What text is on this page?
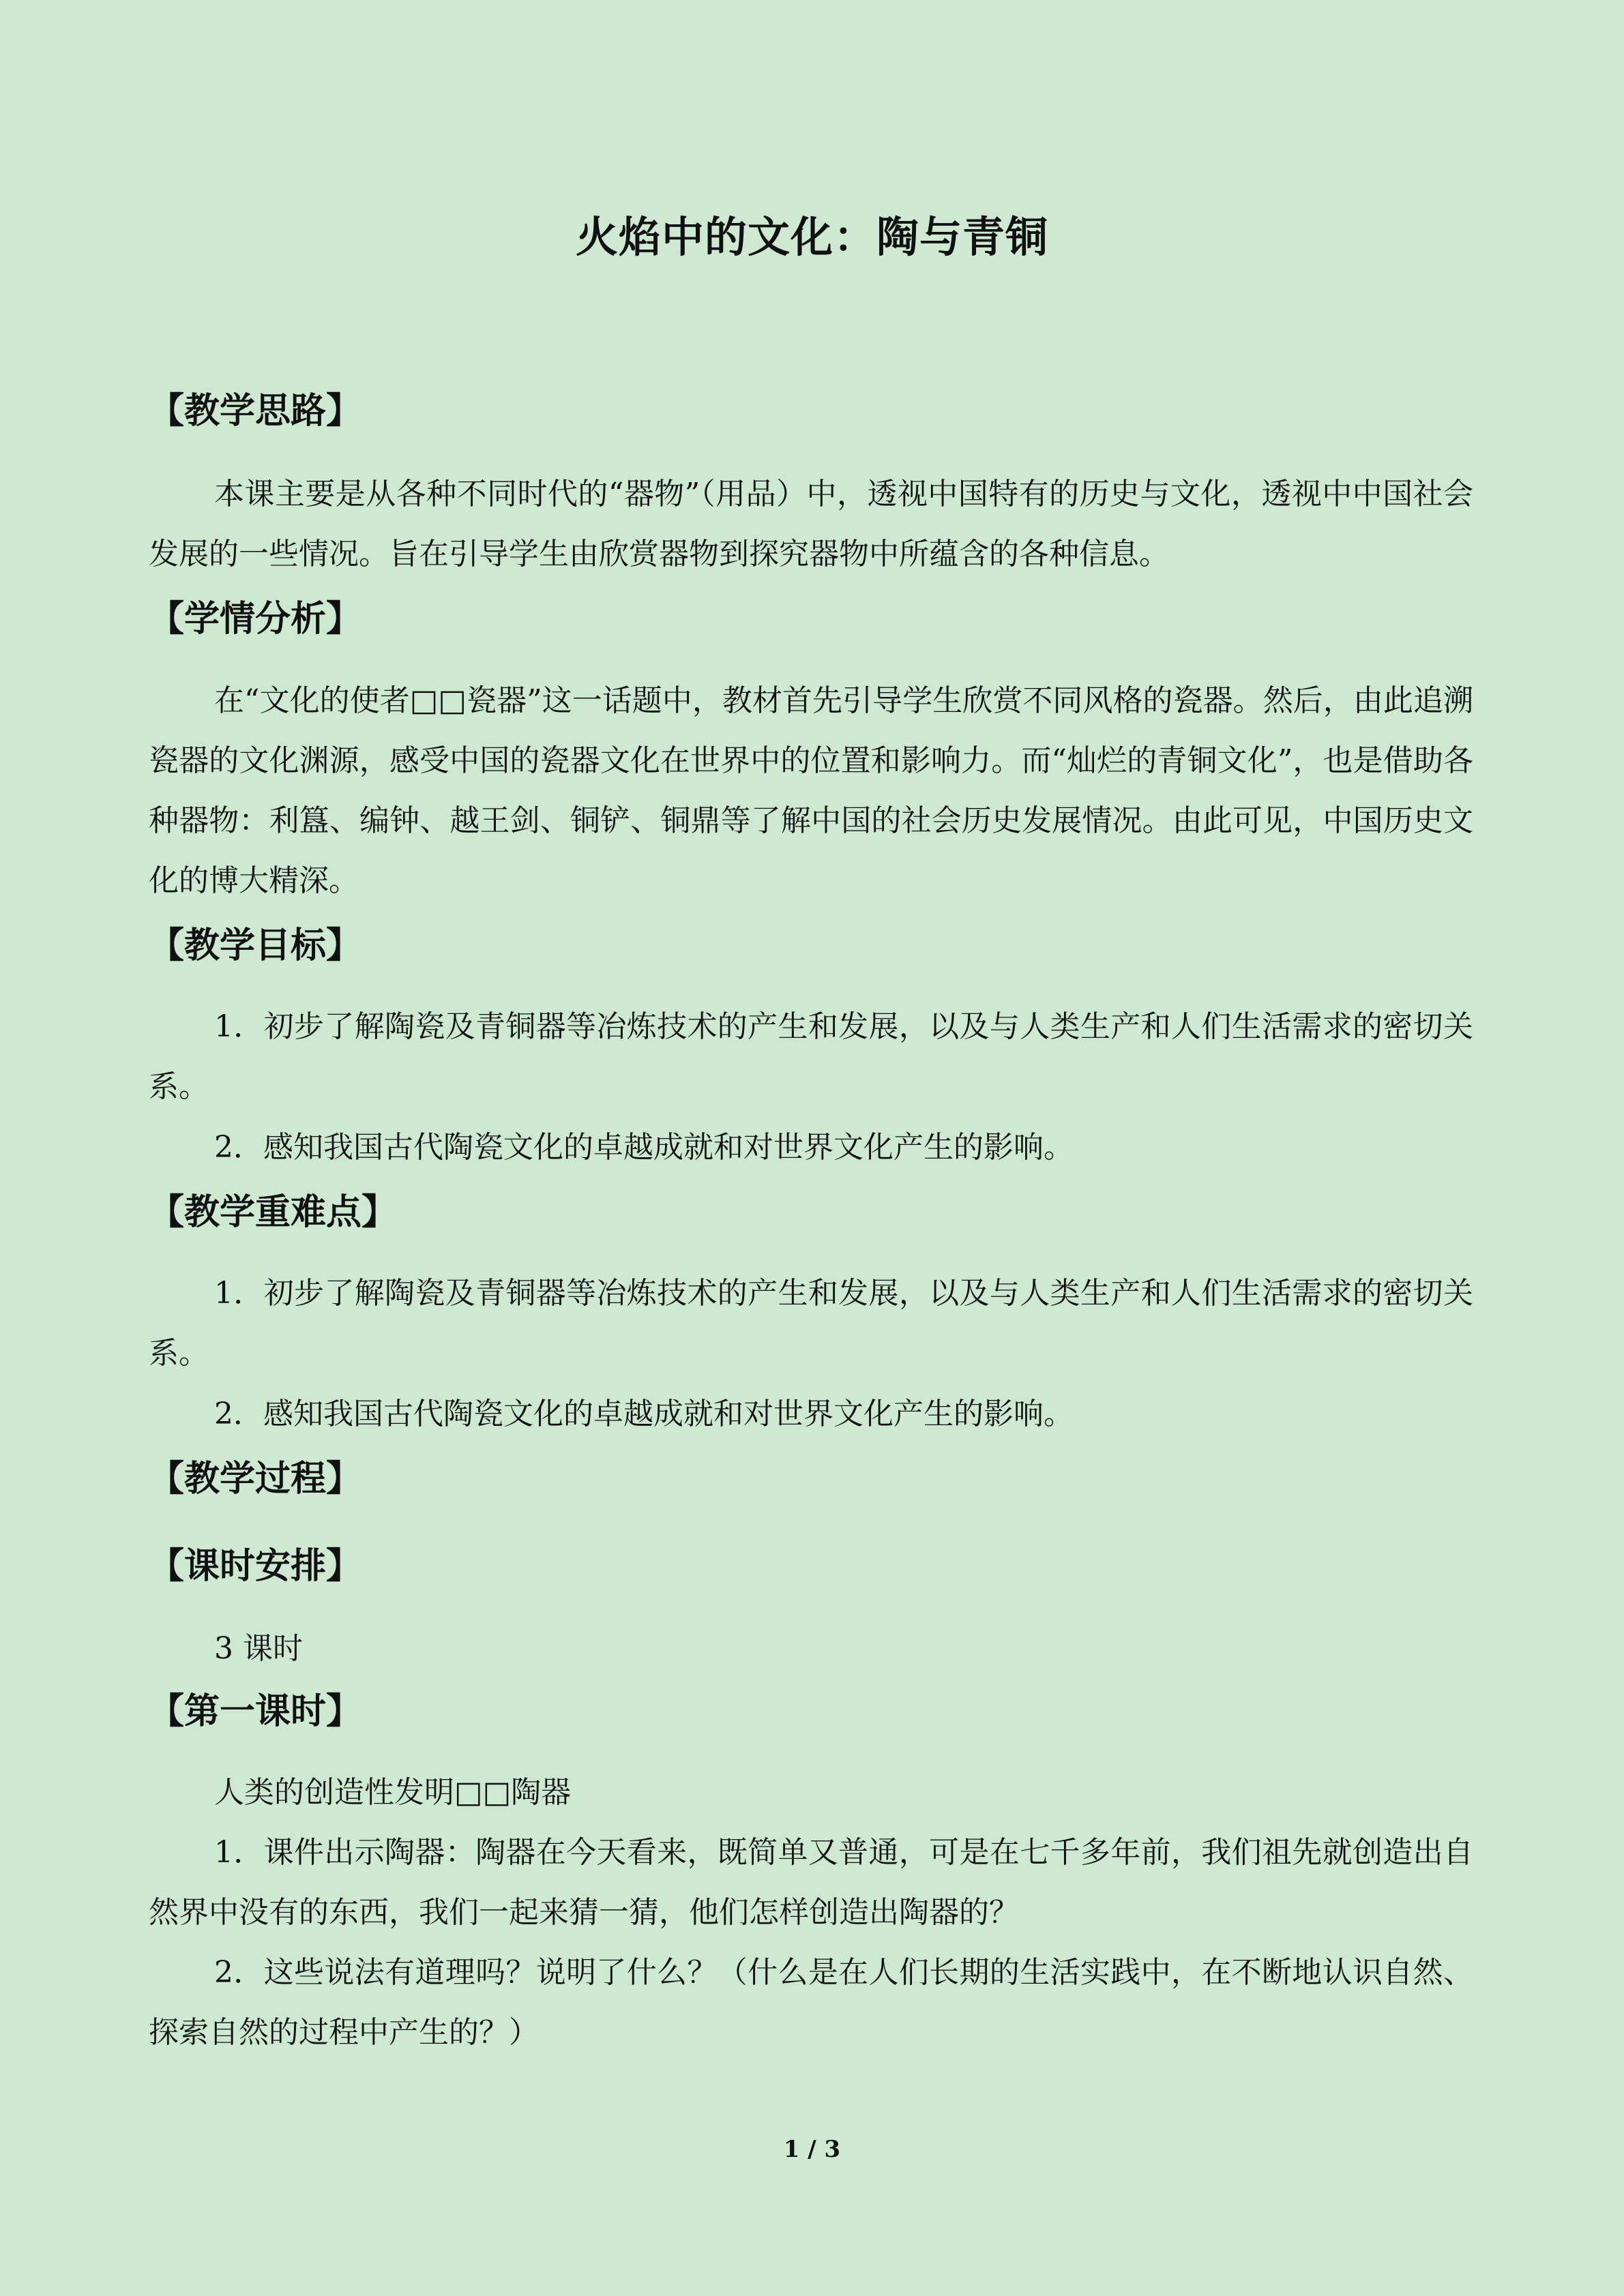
火焰中的文化：陶与青铜
【教学思路】

本课主要是从各种不同时代的“器物”（用品）中，透视中国特有的历史与文化，透视中中国社会发展的一些情况。旨在引导学生由欣赏器物到探究器物中所蕴含的各种信息。

【学情分析】

在“文化的使者□□瓷器”这一话题中，教材首先引导学生欣赏不同风格的瓷器。然后，由此追溯瓷器的文化渊源，感受中国的瓷器文化在世界中的位置和影响力。而“灿烂的青铜文化”，也是借助各种器物：利簋、编钟、越王剑、铜铲、铜鼎等了解中国的社会历史发展情况。由此可见，中国历史文化的博大精深。

【教学目标】

1．初步了解陶瓷及青铜器等冶炼技术的产生和发展，以及与人类生产和人们生活需求的密切关系。

2．感知我国古代陶瓷文化的卓越成就和对世界文化产生的影响。

【教学重难点】

1．初步了解陶瓷及青铜器等冶炼技术的产生和发展，以及与人类生产和人们生活需求的密切关系。

2．感知我国古代陶瓷文化的卓越成就和对世界文化产生的影响。

【教学过程】
【课时安排】

3 课时

【第一课时】

人类的创造性发明□□陶器

1．课件出示陶器：陶器在今天看来，既简单又普通，可是在七千多年前，我们祖先就创造出自然界中没有的东西，我们一起来猜一猜，他们怎样创造出陶器的？

2．这些说法有道理吗？说明了什么？（什么是在人们长期的生活实践中，在不断地认识自然、探索自然的过程中产生的？）

1 / 3
